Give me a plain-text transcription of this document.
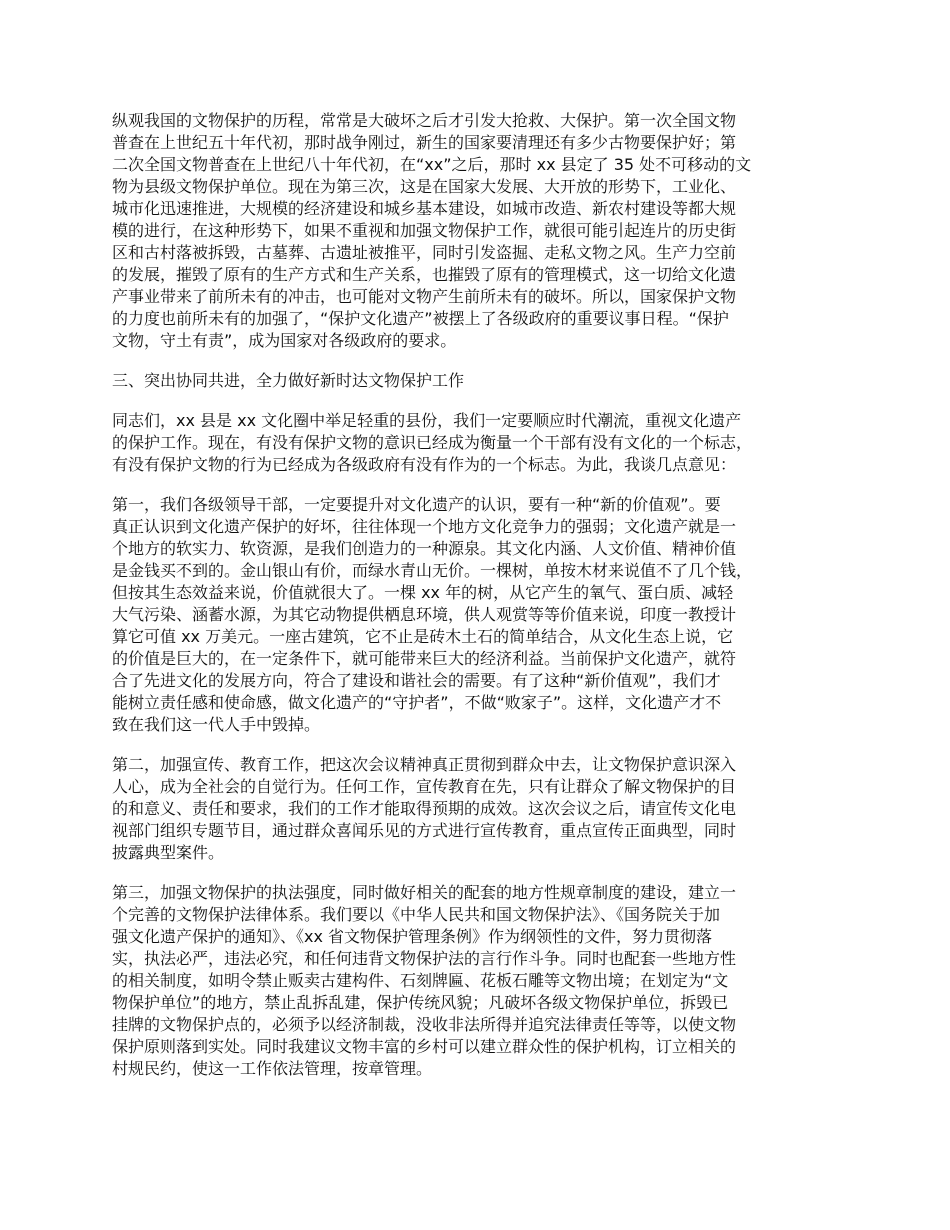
纵观我国的文物保护的历程，常常是大破坏之后才引发大抢救、大保护。第一次全国文物
普查在上世纪五十年代初，那时战争刚过，新生的国家要清理还有多少古物要保护好；第
二次全国文物普查在上世纪八十年代初，在“xx”之后，那时 xx 县定了 35 处不可移动的文
物为县级文物保护单位。现在为第三次，这是在国家大发展、大开放的形势下，工业化、
城市化迅速推进，大规模的经济建设和城乡基本建设，如城市改造、新农村建设等都大规
模的进行，在这种形势下，如果不重视和加强文物保护工作，就很可能引起连片的历史街
区和古村落被拆毁，古墓葬、古遗址被推平，同时引发盗掘、走私文物之风。生产力空前
的发展，摧毁了原有的生产方式和生产关系，也摧毁了原有的管理模式，这一切给文化遗
产事业带来了前所未有的冲击，也可能对文物产生前所未有的破坏。所以，国家保护文物
的力度也前所未有的加强了，“保护文化遗产”被摆上了各级政府的重要议事日程。“保护
文物，守土有责”，成为国家对各级政府的要求。

三、突出协同共进，全力做好新时达文物保护工作

同志们，xx 县是 xx 文化圈中举足轻重的县份，我们一定要顺应时代潮流，重视文化遗产
的保护工作。现在，有没有保护文物的意识已经成为衡量一个干部有没有文化的一个标志，
有没有保护文物的行为已经成为各级政府有没有作为的一个标志。为此，我谈几点意见：

第一，我们各级领导干部，一定要提升对文化遗产的认识，要有一种“新的价值观”。要
真正认识到文化遗产保护的好坏，往往体现一个地方文化竞争力的强弱；文化遗产就是一
个地方的软实力、软资源，是我们创造力的一种源泉。其文化内涵、人文价值、精神价值
是金钱买不到的。金山银山有价，而绿水青山无价。一棵树，单按木材来说值不了几个钱，
但按其生态效益来说，价值就很大了。一棵 xx 年的树，从它产生的氧气、蛋白质、减轻
大气污染、涵蓄水源，为其它动物提供栖息环境，供人观赏等等价值来说，印度一教授计
算它可值 xx 万美元。一座古建筑，它不止是砖木土石的简单结合，从文化生态上说，它
的价值是巨大的，在一定条件下，就可能带来巨大的经济利益。当前保护文化遗产，就符
合了先进文化的发展方向，符合了建设和谐社会的需要。有了这种“新价值观”，我们才
能树立责任感和使命感，做文化遗产的“守护者”，不做“败家子”。这样，文化遗产才不
致在我们这一代人手中毁掉。

第二，加强宣传、教育工作，把这次会议精神真正贯彻到群众中去，让文物保护意识深入
人心，成为全社会的自觉行为。任何工作，宣传教育在先，只有让群众了解文物保护的目
的和意义、责任和要求，我们的工作才能取得预期的成效。这次会议之后，请宣传文化电
视部门组织专题节目，通过群众喜闻乐见的方式进行宣传教育，重点宣传正面典型，同时
披露典型案件。

第三，加强文物保护的执法强度，同时做好相关的配套的地方性规章制度的建设，建立一
个完善的文物保护法律体系。我们要以《中华人民共和国文物保护法》、《国务院关于加
强文化遗产保护的通知》、《xx 省文物保护管理条例》作为纲领性的文件，努力贯彻落
实，执法必严，违法必究，和任何违背文物保护法的言行作斗争。同时也配套一些地方性
的相关制度，如明令禁止贩卖古建构件、石刻牌匾、花板石雕等文物出境；在划定为“文
物保护单位”的地方，禁止乱拆乱建，保护传统风貌；凡破坏各级文物保护单位，拆毁已
挂牌的文物保护点的，必须予以经济制裁，没收非法所得并追究法律责任等等，以使文物
保护原则落到实处。同时我建议文物丰富的乡村可以建立群众性的保护机构，订立相关的
村规民约，使这一工作依法管理，按章管理。
